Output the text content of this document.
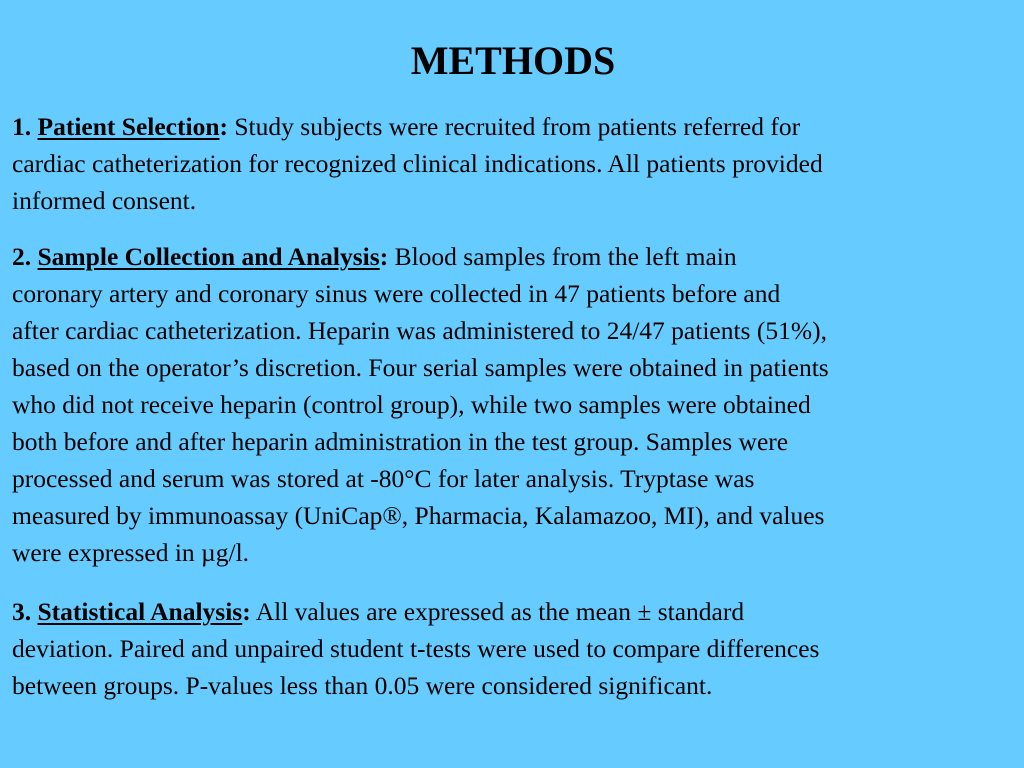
METHODS
1. Patient Selection: Study subjects were recruited from patients referred for
cardiac catheterization for recognized clinical indications. All patients provided
informed consent.
2. Sample Collection and Analysis: Blood samples from the left main
coronary artery and coronary sinus were collected in 47 patients before and
after cardiac catheterization. Heparin was administered to 24/47 patients (51%),
based on the operator’s discretion. Four serial samples were obtained in patients
who did not receive heparin (control group), while two samples were obtained
both before and after heparin administration in the test group. Samples were
processed and serum was stored at -80°C for later analysis. Tryptase was
measured by immunoassay (UniCap®, Pharmacia, Kalamazoo, MI), and values
were expressed in µg/l.
3. Statistical Analysis: All values are expressed as the mean ± standard
deviation. Paired and unpaired student t-tests were used to compare differences
between groups. P-values less than 0.05 were considered significant.
